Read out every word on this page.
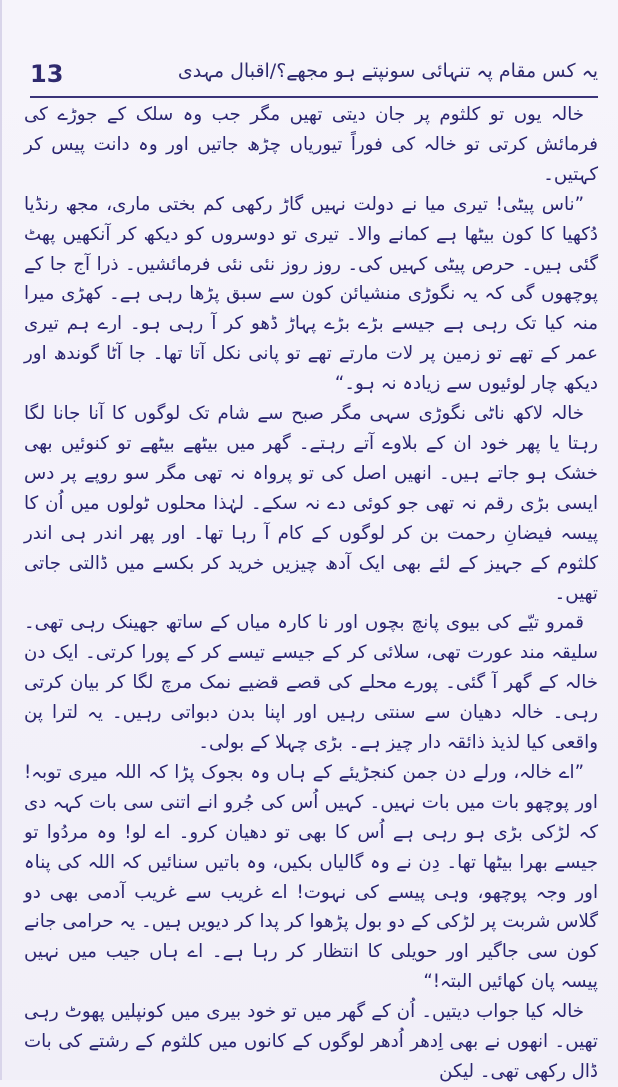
13	یہ کس مقام پہ تنہائی سونپتے ہو مجھے؟/اقبال مہدی

خالہ یوں تو کلثوم پر جان دیتی تھیں مگر جب وہ سلک کے جوڑے کی فرمائش کرتی تو خالہ کی فوراً تیوریاں چڑھ جاتیں اور وہ دانت پیس کر کہتیں۔

”ناس پیٹی! تیری میا نے دولت نہیں گاڑ رکھی کم بختی ماری، مجھ رنڈیا دُکھیا کا کون بیٹھا ہے کمانے والا۔ تیری تو دوسروں کو دیکھ کر آنکھیں پھٹ گئی ہیں۔ حرص پیٹی کہیں کی۔ روز روز نئی نئی فرمائشیں۔ ذرا آج جا کے پوچھوں گی کہ یہ نگوڑی منشیائن کون سے سبق پڑھا رہی ہے۔ کھڑی میرا منہ کیا تک رہی ہے جیسے بڑے بڑے پہاڑ ڈھو کر آ رہی ہو۔ ارے ہم تیری عمر کے تھے تو زمین پر لات مارتے تھے تو پانی نکل آتا تھا۔ جا آٹا گوندھ اور دیکھ چار لوئیوں سے زیادہ نہ ہو۔“

خالہ لاکھ ناٹی نگوڑی سہی مگر صبح سے شام تک لوگوں کا آنا جانا لگا رہتا یا پھر خود ان کے بلاوے آتے رہتے۔ گھر میں بیٹھے بیٹھے تو کنوئیں بھی خشک ہو جاتے ہیں۔ انھیں اصل کی تو پرواہ نہ تھی مگر سو روپے پر دس ایسی بڑی رقم نہ تھی جو کوئی دے نہ سکے۔ لہٰذا محلوں ٹولوں میں اُن کا پیسہ فیضانِ رحمت بن کر لوگوں کے کام آ رہا تھا۔ اور پھر اندر ہی اندر کلثوم کے جہیز کے لئے بھی ایک آدھ چیزیں خرید کر بکسے میں ڈالتی جاتی تھیں۔

قمرو تیّے کی بیوی پانچ بچوں اور نا کارہ میاں کے ساتھ جھینک رہی تھی۔ سلیقہ مند عورت تھی، سلائی کر کے جیسے تیسے کر کے پورا کرتی۔ ایک دن خالہ کے گھر آ گئی۔ پورے محلے کی قصے قضیے نمک مرچ لگا کر بیان کرتی رہی۔ خالہ دھیان سے سنتی رہیں اور اپنا بدن دبواتی رہیں۔ یہ لترا پن واقعی کیا لذیذ ذائقہ دار چیز ہے۔ بڑی چہلا کے بولی۔

”اے خالہ، ورلے دن جمن کنجڑیئے کے ہاں وہ بجوک پڑا کہ اللہ میری توبہ! اور پوچھو بات میں بات نہیں۔ کہیں اُس کی جُرو انے اتنی سی بات کہہ دی کہ لڑکی بڑی ہو رہی ہے اُس کا بھی تو دھیان کرو۔ اے لو! وہ مردُوا تو جیسے بھرا بیٹھا تھا۔ دِن نے وہ گالیاں بکیں، وہ باتیں سنائیں کہ اللہ کی پناہ اور وجہ پوچھو، وہی پیسے کی نہوت! اے غریب سے غریب آدمی بھی دو گلاس شربت پر لڑکی کے دو بول پڑھوا کر پدا کر دیویں ہیں۔ یہ حرامی جانے کون سی جاگیر اور حویلی کا انتظار کر رہا ہے۔ اے ہاں جیب میں نہیں پیسہ پان کھائیں البتہ!“

خالہ کیا جواب دیتیں۔ اُن کے گھر میں تو خود بیری میں کونپلیں پھوٹ رہی تھیں۔ انھوں نے بھی اِدھر اُدھر لوگوں کے کانوں میں کلثوم کے رشتے کی بات ڈال رکھی تھی۔ لیکن
